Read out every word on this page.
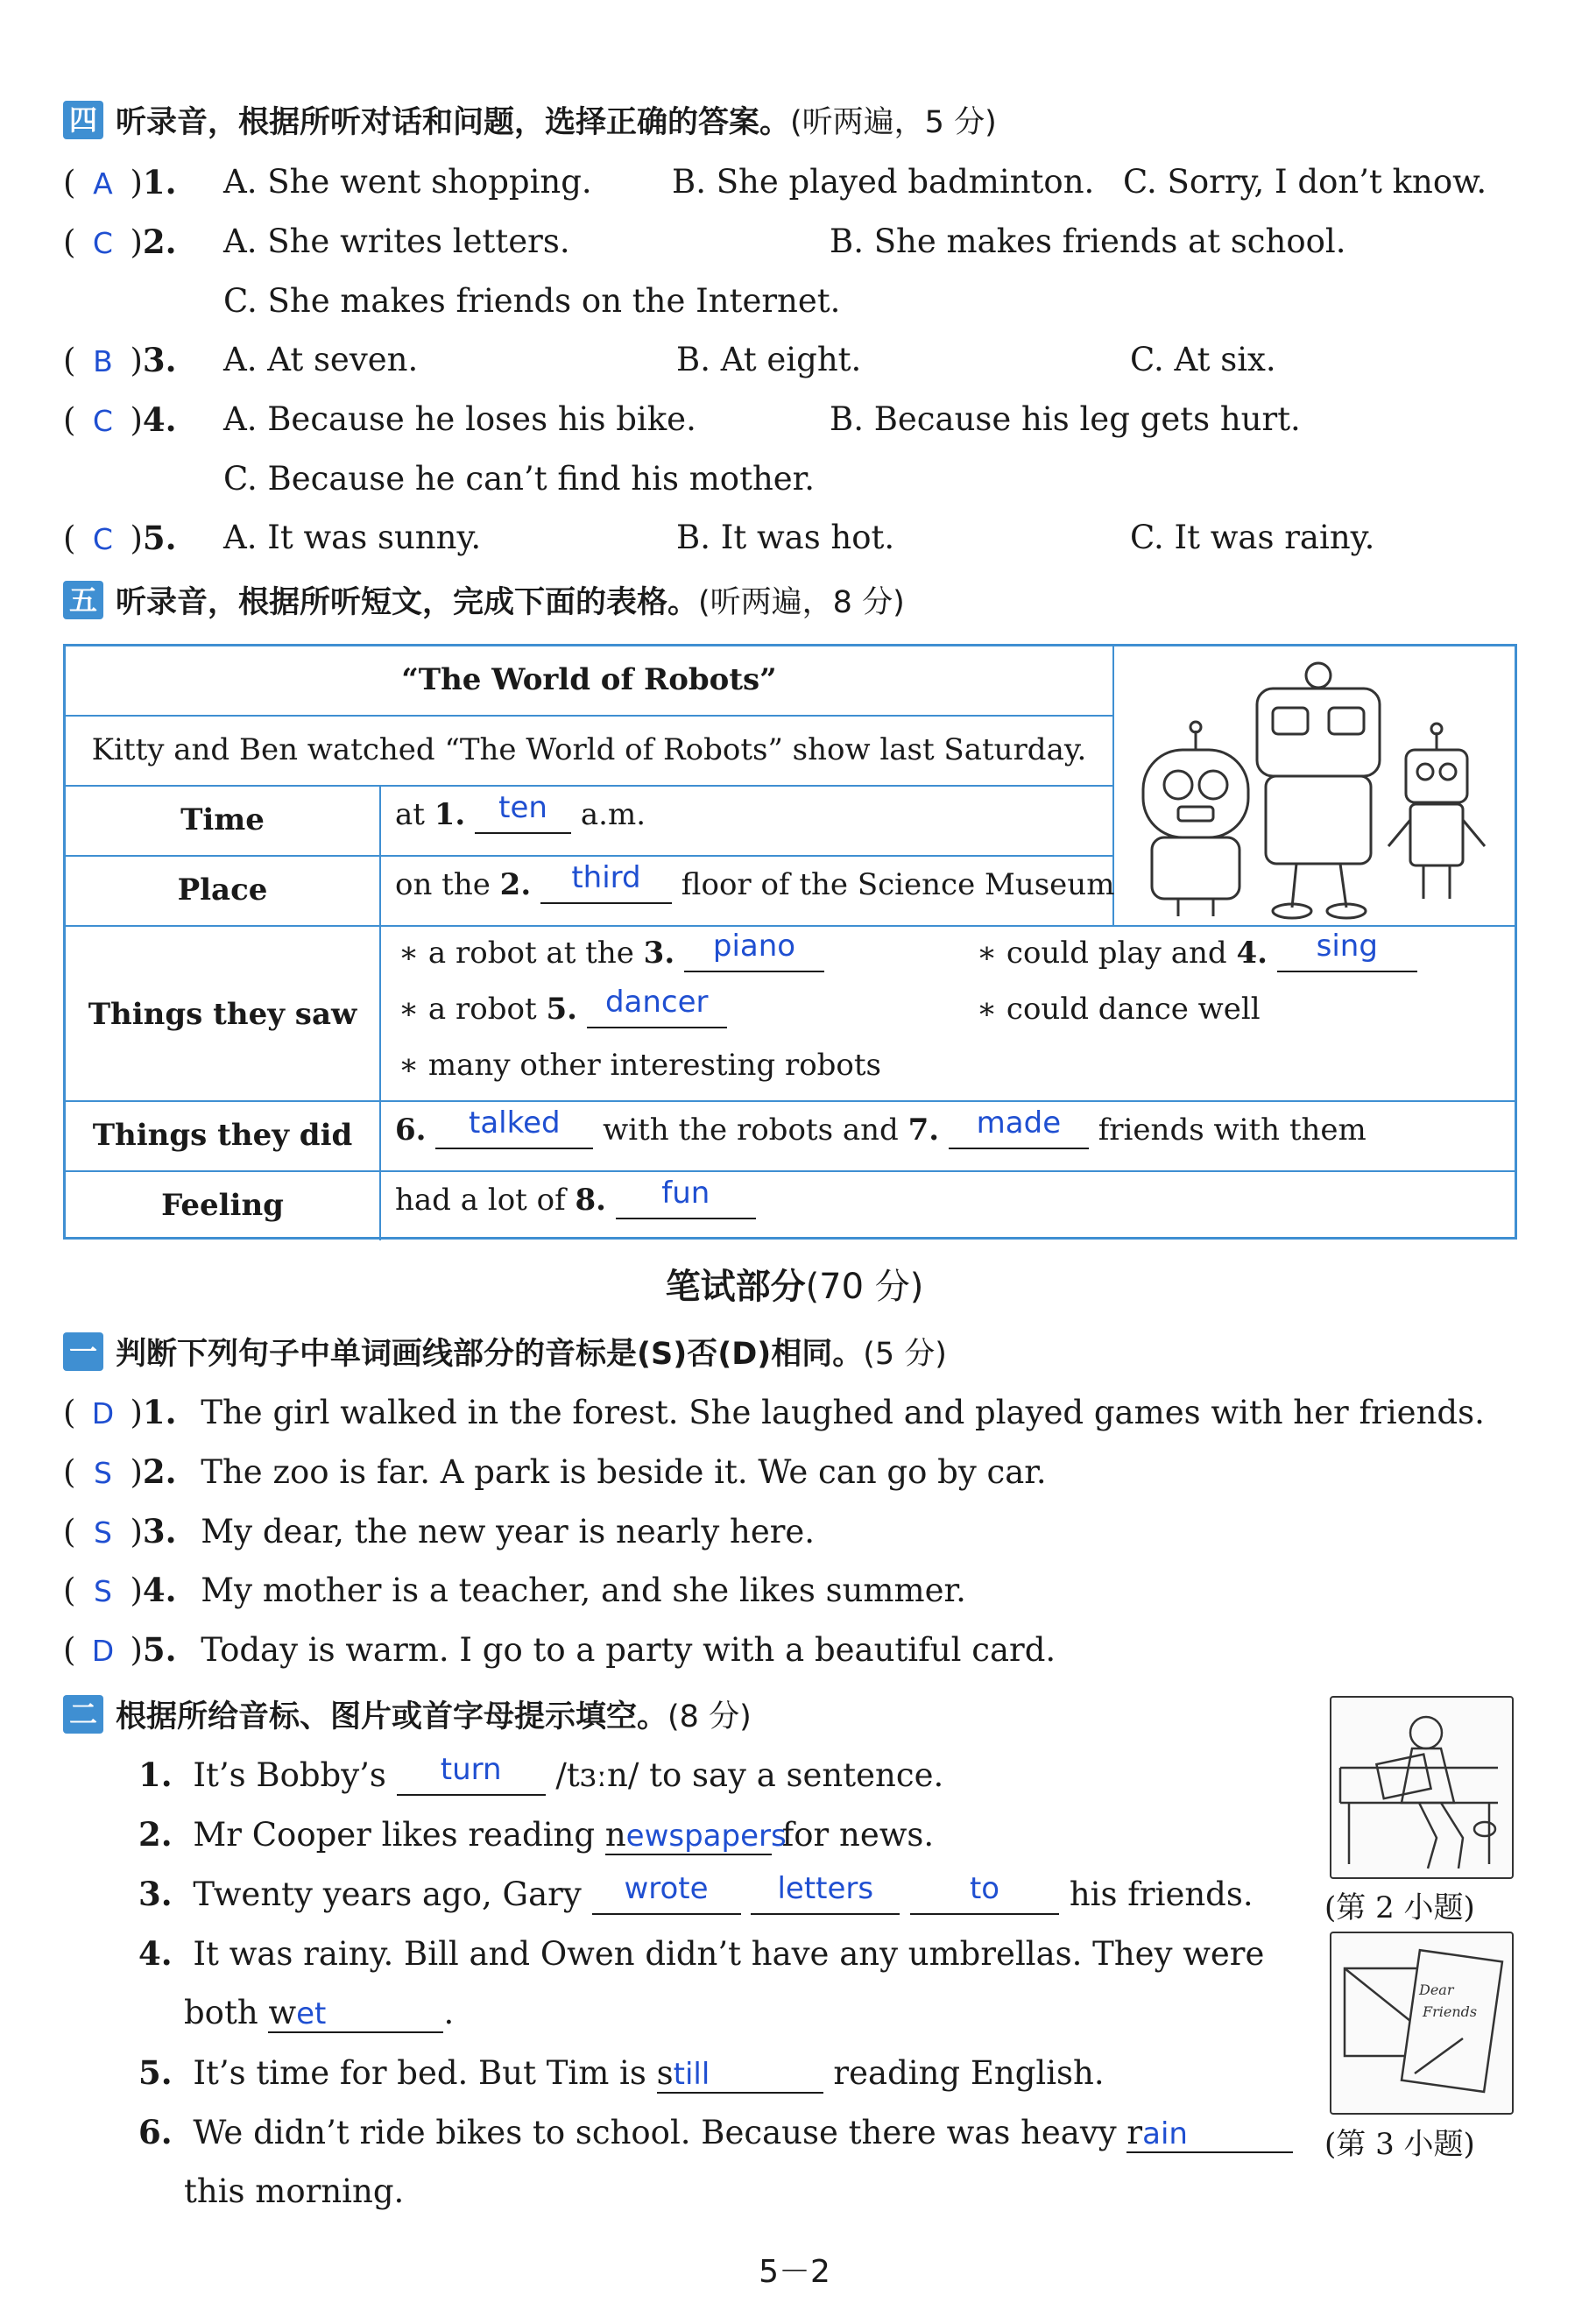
四 听录音，根据所听对话和问题，选择正确的答案。(听两遍，5 分)
( A )1. A. She went shopping. B. She played badminton. C. Sorry, I don’t know.
( C )2. A. She writes letters.	B. She makes friends at school.
C. She makes friends on the Internet.
( B )3. A. At seven.	B. At eight.	C. At six.
( C )4. A. Because he loses his bike.	B. Because his leg gets hurt.
C. Because he can’t find his mother.
( C )5. A. It was sunny.	B. It was hot.	C. It was rainy.
五 听录音，根据所听短文，完成下面的表格。(听两遍，8 分)
“The World of Robots”
Kitty and Ben watched “The World of Robots” show last Saturday.
Time	at 1. ten a.m.
Place	on the 2. third floor of the Science Museum
Things they saw
∗ a robot at the 3. piano	∗ could play and 4. sing
∗ a robot 5. dancer	∗ could dance well
∗ many other interesting robots
Things they did	6. talked with the robots and 7. made friends with them
Feeling	had a lot of 8. fun
笔试部分(70 分)
一 判断下列句子中单词画线部分的音标是(S)否(D)相同。(5 分)
( D )1. The girl walked in the forest. She laughed and played games with her friends.
( S )2. The zoo is far. A park is beside it. We can go by car.
( S )3. My dear, the new year is nearly here.
( S )4. My mother is a teacher, and she likes summer.
( D )5. Today is warm. I go to a party with a beautiful card.
二 根据所给音标、图片或首字母提示填空。(8 分)
1. It’s Bobby’s turn /tɜːn/ to say a sentence.
2. Mr Cooper likes reading newspapers for news.
3. Twenty years ago, Gary wrote letters	to his friends.
4. It was rainy. Bill and Owen didn’t have any umbrellas. They were
both wet	.
5. It’s time for bed. But Tim is still	reading English.
6. We didn’t ride bikes to school. Because there was heavy rain
this morning.
(第 2 小题)
Dear
Friends
(第 3 小题)
5－2
